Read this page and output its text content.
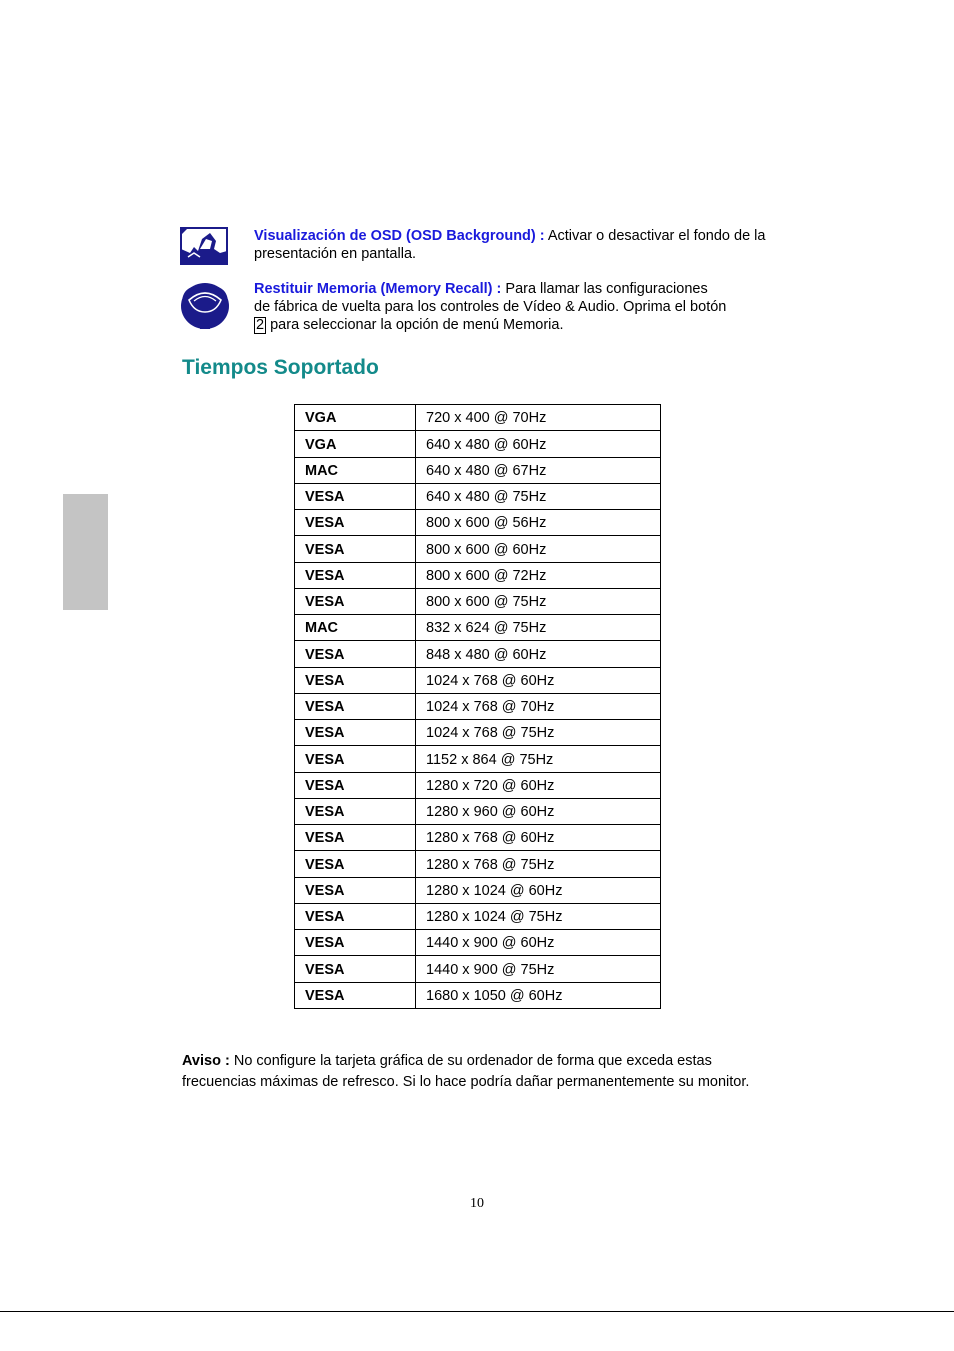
Visualización de OSD (OSD Background) : Activar o desactivar el fondo de la presentación en pantalla.
Restituir Memoria (Memory Recall) : Para llamar las configuraciones
de fábrica de vuelta para los controles de Vídeo & Audio. Oprima el botón
2 para seleccionar la opción de menú Memoria.
Tiempos Soportado
VGA	720 x 400 @ 70Hz
VGA	640 x 480 @ 60Hz
MAC	640 x 480 @ 67Hz
VESA	640 x 480 @ 75Hz
VESA	800 x 600 @ 56Hz
VESA	800 x 600 @ 60Hz
VESA	800 x 600 @ 72Hz
VESA	800 x 600 @ 75Hz
MAC	832 x 624 @ 75Hz
VESA	848 x 480 @ 60Hz
VESA	1024 x 768 @ 60Hz
VESA	1024 x 768 @ 70Hz
VESA	1024 x 768 @ 75Hz
VESA	1152 x 864 @ 75Hz
VESA	1280 x 720 @ 60Hz
VESA	1280 x 960 @ 60Hz
VESA	1280 x 768 @ 60Hz
VESA	1280 x 768 @ 75Hz
VESA	1280 x 1024 @ 60Hz
VESA	1280 x 1024 @ 75Hz
VESA	1440 x 900 @ 60Hz
VESA	1440 x 900 @ 75Hz
VESA	1680 x 1050 @ 60Hz
Aviso : No configure la tarjeta gráfica de su ordenador de forma que exceda estas frecuencias máximas de refresco. Si lo hace podría dañar permanentemente su monitor.
10
